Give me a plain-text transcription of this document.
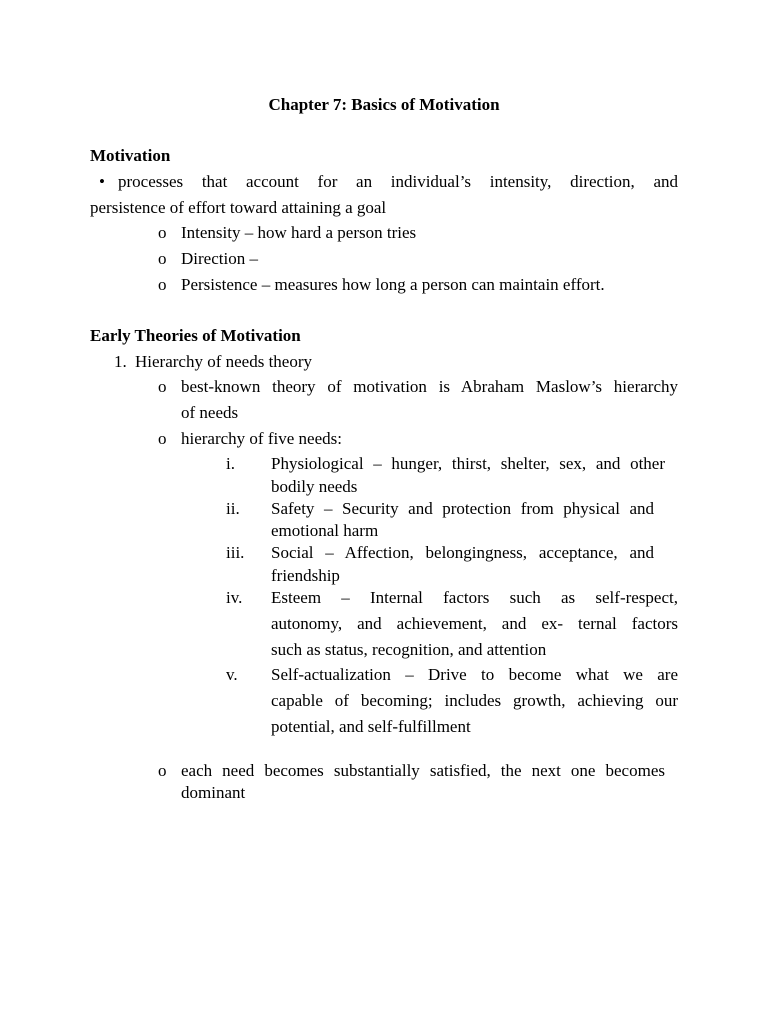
Chapter 7: Basics of Motivation
Motivation
• processes that account for an individual’s intensity, direction, and
persistence of effort toward attaining a goal
o Intensity – how hard a person tries
o Direction –
o Persistence – measures how long a person can maintain effort.
Early Theories of Motivation
1. Hierarchy of needs theory
o best-known theory of motivation is Abraham Maslow’s hierarchy
of needs
o hierarchy of five needs:
i. Physiological – hunger, thirst, shelter, sex, and other
bodily needs
ii. Safety – Security and protection from physical and
emotional harm
iii. Social – Affection, belongingness, acceptance, and
friendship
iv. Esteem – Internal factors such as self-respect,
autonomy, and achievement, and ex- ternal factors
such as status, recognition, and attention
v. Self-actualization – Drive to become what we are
capable of becoming; includes growth, achieving our
potential, and self-fulfillment
o each need becomes substantially satisfied, the next one becomes
dominant
